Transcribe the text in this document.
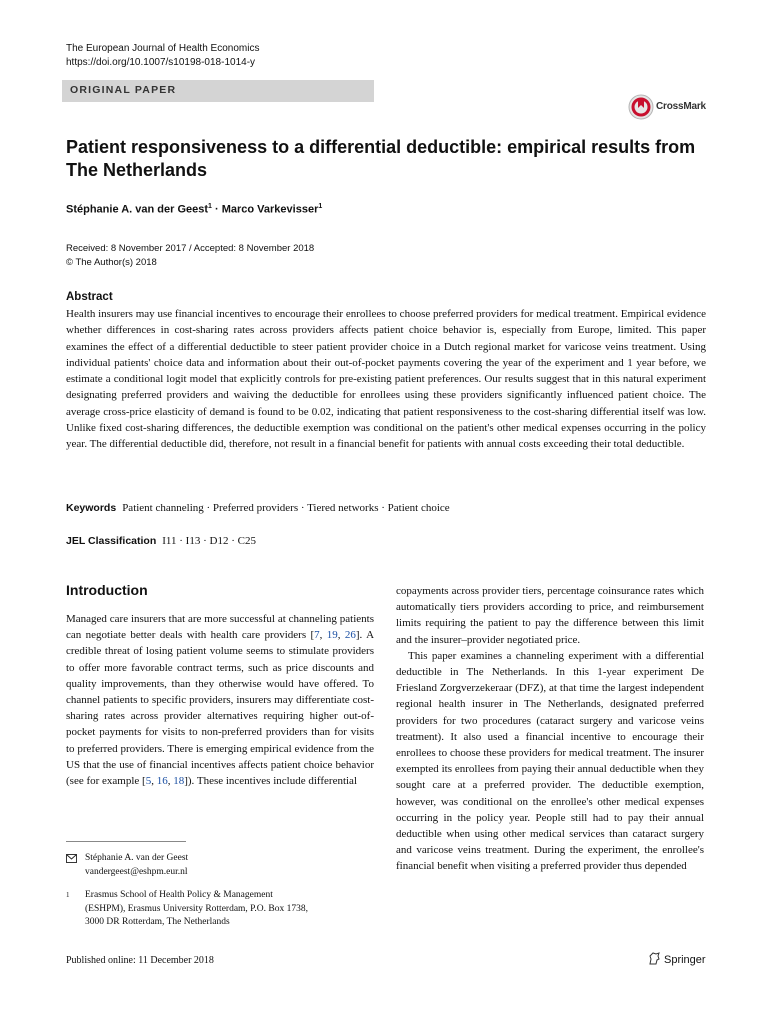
The European Journal of Health Economics
https://doi.org/10.1007/s10198-018-1014-y
ORIGINAL PAPER
CrossMark
Patient responsiveness to a differential deductible: empirical results from The Netherlands
Stéphanie A. van der Geest$^1$ · Marco Varkevisser$^1$
Received: 8 November 2017 / Accepted: 8 November 2018
© The Author(s) 2018
Abstract
Health insurers may use financial incentives to encourage their enrollees to choose preferred providers for medical treatment. Empirical evidence whether differences in cost-sharing rates across providers affects patient choice behavior is, especially from Europe, limited. This paper examines the effect of a differential deductible to steer patient provider choice in a Dutch regional market for varicose veins treatment. Using individual patients' choice data and information about their out-of-pocket payments covering the year of the experiment and 1 year before, we estimate a conditional logit model that explicitly controls for pre-existing patient preferences. Our results suggest that in this natural experiment designating preferred providers and waiving the deductible for enrollees using these providers significantly influenced patient choice. The average cross-price elasticity of demand is found to be 0.02, indicating that patient responsiveness to the cost-sharing differential itself was low. Unlike fixed cost-sharing differences, the deductible exemption was conditional on the patient's other medical expenses occurring in the policy year. The differential deductible did, therefore, not result in a financial benefit for patients with annual costs exceeding their total deductible.
Keywords Patient channeling · Preferred providers · Tiered networks · Patient choice
JEL Classification I11 · I13 · D12 · C25
Introduction
Managed care insurers that are more successful at channeling patients can negotiate better deals with health care providers [7, 19, 26]. A credible threat of losing patient volume seems to stimulate providers to offer more favorable contract terms, such as price discounts and quality improvements, than they otherwise would have offered. To channel patients to specific providers, insurers may differentiate cost-sharing rates across provider alternatives requiring higher out-of-pocket payments for visits to non-preferred providers than for visits to preferred providers. There is emerging empirical evidence from the US that the use of financial incentives affects patient choice behavior (see for example [5, 16, 18]). These incentives include differential

copayments across provider tiers, percentage coinsurance rates which automatically tiers providers according to price, and reimbursement limits requiring the patient to pay the difference between this limit and the insurer–provider negotiated price.

This paper examines a channeling experiment with a differential deductible in The Netherlands. In this 1-year experiment De Friesland Zorgverzekeraar (DFZ), at that time the largest independent regional health insurer in The Netherlands, designated preferred providers for two procedures (cataract surgery and varicose veins treatment). It also used a financial incentive to encourage their enrollees to choose these providers for medical treatment. The insurer exempted its enrollees from paying their annual deductible when they sought care at a preferred provider. The deductible exemption, however, was conditional on the enrollee's other medical expenses occurring in the policy year. People still had to pay their annual deductible when using other medical services than cataract surgery and varicose veins treatment. During the experiment, the enrollee's financial benefit when visiting a preferred provider thus depended

Stéphanie A. van der Geest
vandergeest@eshpm.eur.nl
1 Erasmus School of Health Policy & Management
(ESHPM), Erasmus University Rotterdam, P.O. Box 1738,
3000 DR Rotterdam, The Netherlands
Published online: 11 December 2018	Springer
